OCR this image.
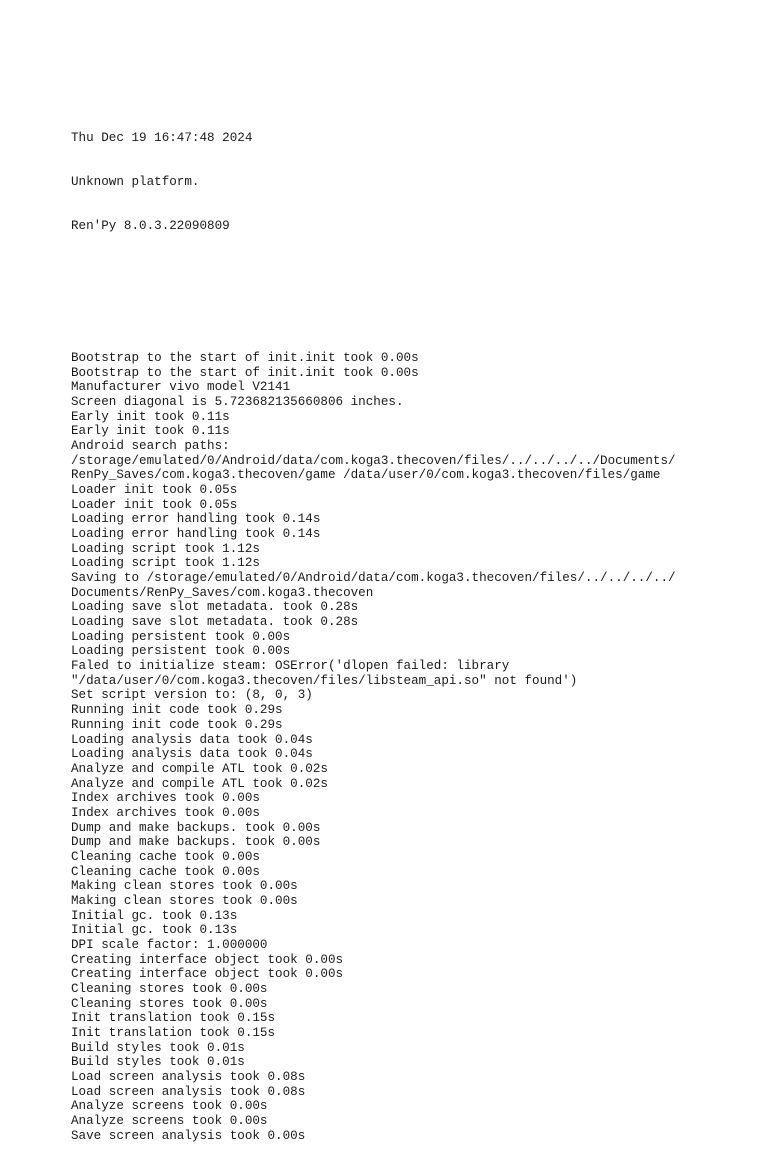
Thu Dec 19 16:47:48 2024

Unknown platform.

Ren'Py 8.0.3.22090809

Bootstrap to the start of init.init took 0.00s
Bootstrap to the start of init.init took 0.00s
Manufacturer vivo model V2141
Screen diagonal is 5.723682135660806 inches.
Early init took 0.11s
Early init took 0.11s
Android search paths:
/storage/emulated/0/Android/data/com.koga3.thecoven/files/../../../../Documents/
RenPy_Saves/com.koga3.thecoven/game /data/user/0/com.koga3.thecoven/files/game
Loader init took 0.05s
Loader init took 0.05s
Loading error handling took 0.14s
Loading error handling took 0.14s
Loading script took 1.12s
Loading script took 1.12s
Saving to /storage/emulated/0/Android/data/com.koga3.thecoven/files/../../../../
Documents/RenPy_Saves/com.koga3.thecoven
Loading save slot metadata. took 0.28s
Loading save slot metadata. took 0.28s
Loading persistent took 0.00s
Loading persistent took 0.00s
Faled to initialize steam: OSError('dlopen failed: library
"/data/user/0/com.koga3.thecoven/files/libsteam_api.so" not found')
Set script version to: (8, 0, 3)
Running init code took 0.29s
Running init code took 0.29s
Loading analysis data took 0.04s
Loading analysis data took 0.04s
Analyze and compile ATL took 0.02s
Analyze and compile ATL took 0.02s
Index archives took 0.00s
Index archives took 0.00s
Dump and make backups. took 0.00s
Dump and make backups. took 0.00s
Cleaning cache took 0.00s
Cleaning cache took 0.00s
Making clean stores took 0.00s
Making clean stores took 0.00s
Initial gc. took 0.13s
Initial gc. took 0.13s
DPI scale factor: 1.000000
Creating interface object took 0.00s
Creating interface object took 0.00s
Cleaning stores took 0.00s
Cleaning stores took 0.00s
Init translation took 0.15s
Init translation took 0.15s
Build styles took 0.01s
Build styles took 0.01s
Load screen analysis took 0.08s
Load screen analysis took 0.08s
Analyze screens took 0.00s
Analyze screens took 0.00s
Save screen analysis took 0.00s
